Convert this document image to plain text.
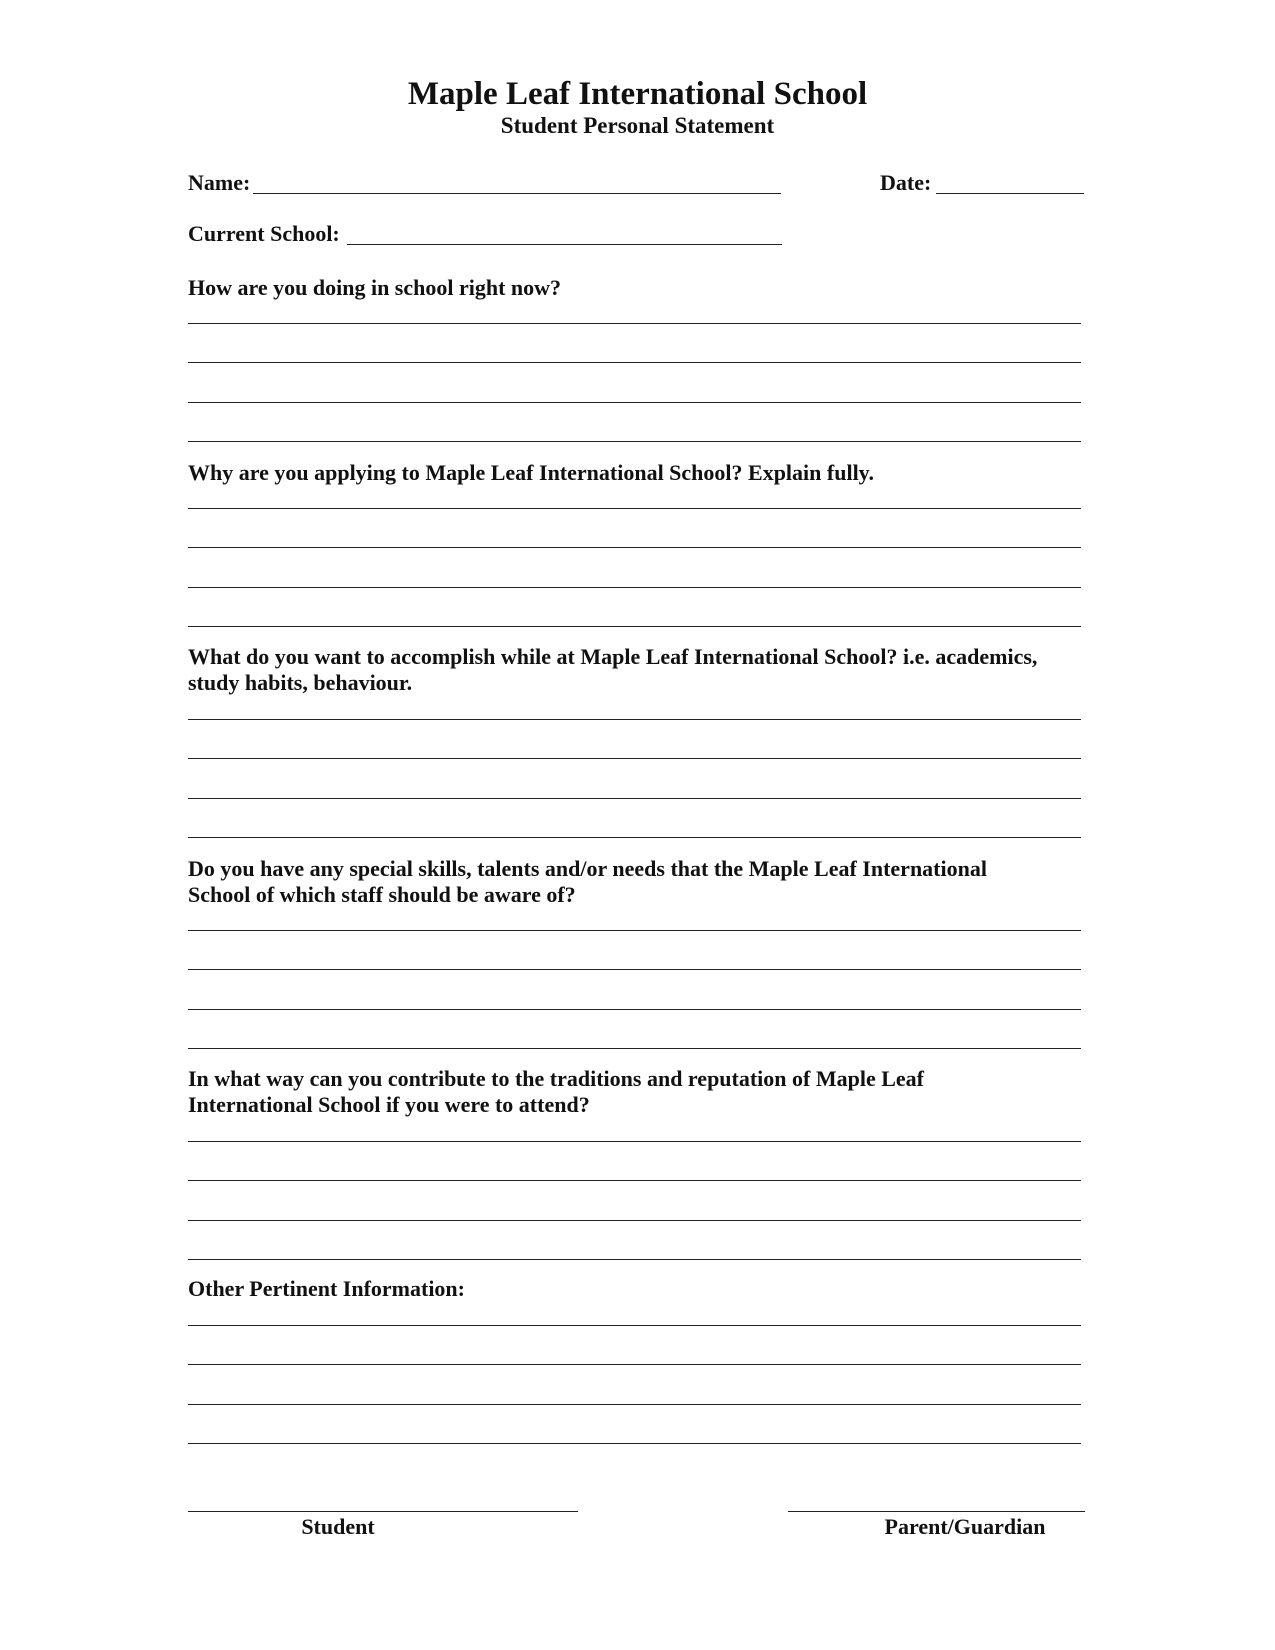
Maple Leaf International School
Student Personal Statement
Name:	Date:
Current School:
How are you doing in school right now?
Why are you applying to Maple Leaf International School? Explain fully.
What do you want to accomplish while at Maple Leaf International School? i.e. academics, study habits, behaviour.
Do you have any special skills, talents and/or needs that the Maple Leaf International School of which staff should be aware of?
In what way can you contribute to the traditions and reputation of Maple Leaf International School if you were to attend?
Other Pertinent Information:
Student	Parent/Guardian
